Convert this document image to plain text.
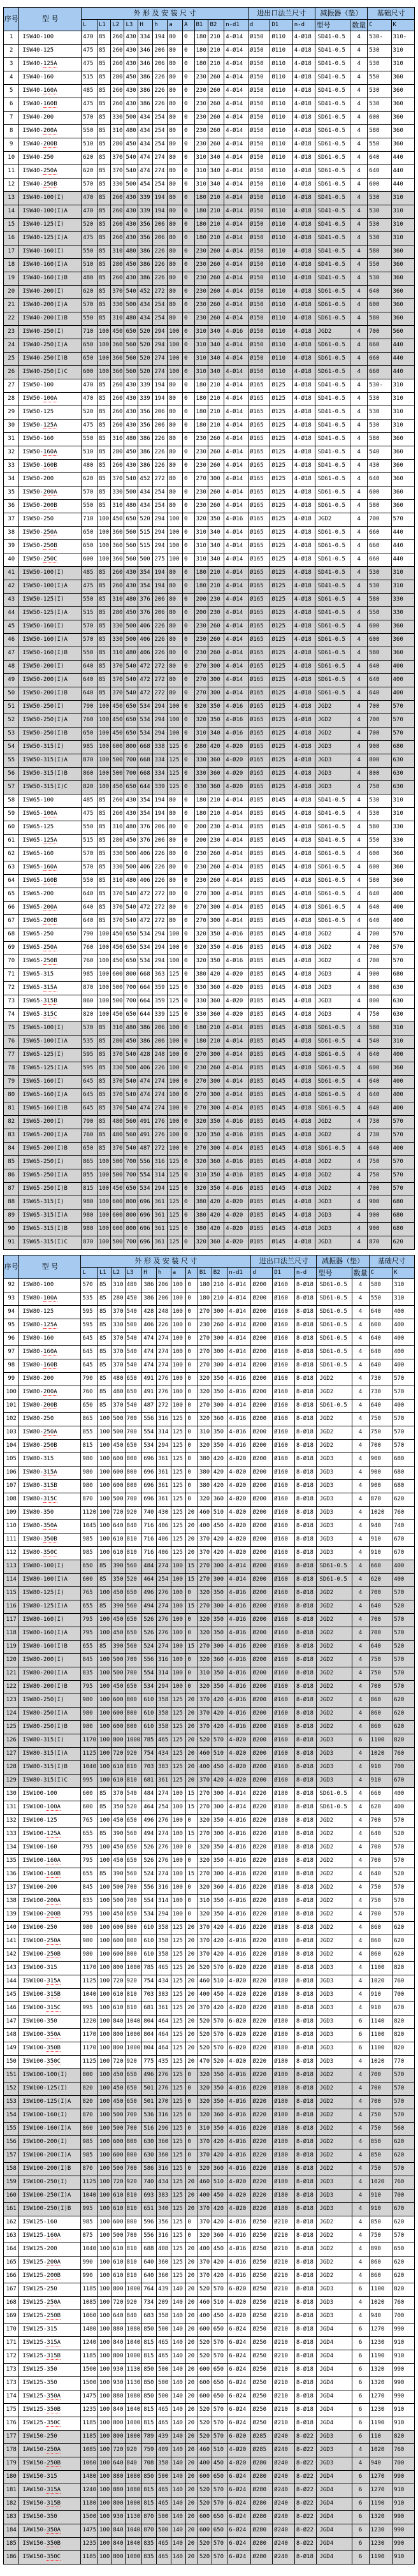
序号	型 号	外 形 及 安 装 尺 寸											进出口法兰尺寸			减振器（垫）		基础尺寸	
		L	L1	L2	L3	H	h	a	A	B1	B2	n-d1	d	D1	n-d	型号	数量	C	K
1	ISW40-100	470	85	260	430	334	194	80	0	180	210	4-Ø14	Ø150	Ø110	4-Ø18	SD41-0.5	4	530-	310-
2	ISW40-125	475	85	260	430	346	206	80	0	180	210	4-Ø14	Ø150	Ø110	4-Ø18	SD41-0.5	4	530	310
3	ISW40-125A	475	85	260	430	346	206	80	0	180	210	4-Ø14	Ø150	Ø110	4-Ø18	SD41-0.5	4	530	310
4	ISW40-160	515	85	280	450	386	226	80	0	230	260	4-Ø14	Ø150	Ø110	4-Ø18	SD41-0.5	4	550	360
5	ISW40-160A	485	85	260	430	386	226	80	0	230	260	4-Ø14	Ø150	Ø110	4-Ø18	SD41-0.5	4	530	360
6	ISW40-160B	475	85	260	430	386	226	80	0	230	260	4-Ø14	Ø150	Ø110	4-Ø18	SD41-0.5	4	530	360
7	ISW40-200	570	85	330	500	434	254	80	0	230	260	4-Ø14	Ø150	Ø110	4-Ø18	SD61-0.5	4	600	360
8	ISW40-200A	550	85	310	480	434	254	80	0	230	260	4-Ø14	Ø150	Ø110	4-Ø18	SD61-0.5	4	580	360
9	ISW40-200B	510	85	280	450	434	254	80	0	230	260	4-Ø14	Ø150	Ø110	4-Ø18	SD61-0.5	4	550	360
10	ISW40-250	620	85	370	540	474	274	80	0	310	340	4-Ø14	Ø150	Ø110	4-Ø18	SD61-0.5	4	640	440
11	ISW40-250A	620	85	370	540	474	274	80	0	310	340	4-Ø14	Ø150	Ø110	4-Ø18	SD61-0.5	4	640	440
12	ISW40-250B	570	85	330	500	454	254	80	0	310	340	4-Ø14	Ø150	Ø110	4-Ø18	SD61-0.5	4	600	440
13	ISW40-100(I)	470	85	260	430	339	194	80	0	180	210	4-Ø14	Ø150	Ø110	4-Ø18	SD41-0.5	4	530	310
14	ISW40-100(I)A	470	85	260	430	339	194	80	0	180	210	4-Ø14	Ø150	Ø110	4-Ø18	SD41-0.5	4	530	310
15	ISW40-125(I)	520	85	260	430	356	206	80	0	180	210	4-Ø14	Ø150	Ø110	4-Ø18	SD41-0.5	4	530	310
16	ISW40-125(I)A	475	85	260	430	356	206	80	0	180	210	4-Ø14	Ø150	Ø110	4-Ø18	SD41-0.5	4	530	310
17	ISW40-160(I)	550	85	310	480	386	226	80	0	230	260	4-Ø14	Ø150	Ø110	4-Ø18	SD41-0.5	4	580	360
18	ISW40-160(I)A	510	85	280	450	386	226	80	0	230	260	4-Ø14	Ø150	Ø110	4-Ø18	SD41-0.5	4	550	360
19	ISW40-160(I)B	480	85	260	430	386	226	80	0	230	260	4-Ø14	Ø150	Ø110	4-Ø18	SD41-0.5	4	530	360
20	ISW40-200(I)	620	85	370	540	452	272	80	0	230	260	4-Ø14	Ø150	Ø110	4-Ø18	SD61-0.5	4	640	360
21	ISW40-200(I)A	570	85	330	500	434	254	80	0	230	260	4-Ø14	Ø150	Ø110	4-Ø18	SD61-0.5	4	600	360
22	ISW40-200(I)B	550	85	310	480	434	254	80	0	230	260	4-Ø14	Ø150	Ø110	4-Ø18	SD61-0.5	4	580	360
23	ISW40-250(I)	710	100	450	650	520	294	100	0	310	340	4-Ø16	Ø150	Ø110	4-Ø18	JGD2	4	700	560
24	ISW40-250(I)A	650	100	360	560	520	294	100	0	310	340	4-Ø14	Ø150	Ø110	4-Ø18	SD61-0.5	4	660	440
25	ISW40-250(I)B	650	100	360	560	520	274	100	0	310	340	4-Ø14	Ø150	Ø110	4-Ø18	SD61-0.5	4	660	440
26	ISW40-250(I)C	600	100	360	560	520	274	100	0	310	340	4-Ø14	Ø150	Ø110	4-Ø18	SD61-0.5	4	660	440
27	ISW50-100	470	85	260	430	339	194	80	0	180	210	4-Ø14	Ø165	Ø125	4-Ø18	SD41-0.5	4	530-	310
28	ISW50-100A	470	85	260	430	339	194	80	0	180	210	4-Ø14	Ø165	Ø125	4-Ø18	SD41-0.5	4	530	310
29	ISW50-125	520	85	260	430	356	206	80	0	180	210	4-Ø14	Ø165	Ø125	4-Ø18	SD41-0.5	4	530	310
30	ISW50-125A	475	85	260	430	356	206	80	0	180	210	4-Ø14	Ø165	Ø125	4-Ø18	SD41-0.5	4	530	310
31	ISW50-160	550	85	310	480	386	226	80	0	230	260	4-Ø14	Ø165	Ø125	4-Ø18	SD41-0.5	4	580	360
32	ISW50-160A	510	85	280	450	386	226	80	0	230	260	4-Ø14	Ø165	Ø125	4-Ø18	SD41-0.5	4	540	360
33	ISW50-160B	480	85	260	430	386	226	80	0	230	260	4-Ø14	Ø165	Ø125	4-Ø18	SD41-0.5	4	430	360
34	ISW50-200	620	85	370	540	452	272	80	0	270	300	4-Ø14	Ø165	Ø125	4-Ø18	SD61-0.5	4	640	360
35	ISW50-200A	570	85	330	500	434	254	80	0	230	260	4-Ø14	Ø165	Ø125	4-Ø18	SD61-0.5	4	600	360
36	ISW50-200B	550	85	310	480	434	254	80	0	230	260	4-Ø14	Ø165	Ø125	4-Ø18	SD61-0.5	4	580	360
37	ISW50-250	710	100	450	650	520	294	100	0	320	350	4-Ø16	Ø165	Ø125	4-Ø18	JGD2	4	700	570
38	ISW50-250A	650	100	360	560	515	294	100	0	310	340	4-Ø14	Ø165	Ø125	4-Ø18	SD61-0.5	4	660	440
39	ISW50-250B	650	100	360	560	515	294	100	0	310	340	4-Ø14	Ø165	Ø125	4-Ø18	SD61-0.5	4	660	440
40	ISW50-250C	600	100	360	560	500	275	100	0	310	340	4-Ø14	Ø165	Ø125	4-Ø18	SD61-0.5	4	660	440
41	ISW50-100(I)	485	85	260	430	354	194	80	0	180	210	4-Ø14	Ø165	Ø125	4-Ø18	SD41-0.5	4	530	310
42	ISW50-100(I)A	475	85	260	430	354	194	80	0	180	210	4-Ø14	Ø165	Ø125	4-Ø18	SD41-0.5	4	530	310
43	ISW50-125(I)	550	85	310	480	376	206	80	0	200	230	4-Ø14	Ø165	Ø125	4-Ø18	SD61-0.5	4	580	330
44	ISW50-125(I)A	515	85	280	450	376	206	80	0	200	230	4-Ø14	Ø165	Ø125	4-Ø18	SD41-0.5	4	550	330
45	ISW50-160(I)	570	85	330	500	406	226	80	0	230	260	4-Ø14	Ø165	Ø125	4-Ø18	SD61-0.5	4	600	360
46	ISW50-160(I)A	570	85	330	500	406	226	80	0	230	260	4-Ø14	Ø165	Ø125	4-Ø18	SD61-0.5	4	600	360
47	ISW50-160(I)B	550	85	310	480	406	226	80	0	230	260	4-Ø14	Ø165	Ø125	4-Ø18	SD61-0.5	4	580	360
48	ISW50-200(I)	640	85	370	540	472	272	80	0	270	300	4-Ø14	Ø165	Ø125	4-Ø18	SD61-0.5	4	640	400
49	ISW50-200(I)A	640	85	370	540	472	272	80	0	270	300	4-Ø14	Ø165	Ø125	4-Ø18	SD61-0.5	4	640	400
50	ISW50-200(I)B	640	85	370	540	472	272	80	0	270	300	4-Ø14	Ø165	Ø125	4-Ø18	SD61-0.5	4	640	400
51	ISW50-250(I)	790	100	450	650	534	294	100	0	320	350	4-Ø16	Ø165	Ø125	4-Ø18	JGD2	4	700	570
52	ISW50-250(I)A	760	100	450	650	534	294	100	0	320	350	4-Ø16	Ø165	Ø125	4-Ø18	JGD2	4	700	570
53	ISW50-250(I)B	650	100	450	650	534	294	100	0	310	340	4-Ø16	Ø165	Ø125	4-Ø18	JGD2	4	700	570
54	ISW50-315(I)	985	100	600	800	668	338	125	0	280	420	4-Ø20	Ø165	Ø125	4-Ø18	JGD3	4	900	680
55	ISW50-315(I)A	870	100	500	700	668	334	125	0	330	360	4-Ø20	Ø165	Ø125	4-Ø18	JGD3	4	800	630
56	ISW50-315(I)B	860	100	500	700	668	334	125	0	330	360	4-Ø20	Ø165	Ø125	4-Ø18	JGD3	4	800	630
57	ISW50-315(I)C	820	100	450	650	644	339	125	0	330	360	4-Ø20	Ø165	Ø125	4-Ø18	JGD3	4	750	630
58	ISW65-100	485	85	260	430	354	194	80	0	180	210	4-Ø14	Ø185	Ø145	4-Ø18	SD41-0.5	4	530	310
59	ISW65-100A	475	85	260	430	354	194	80	0	180	210	4-Ø14	Ø185	Ø145	4-Ø18	SD41-0.5	4	530	310
60	ISW65-125	550	85	310	480	376	206	80	0	200	230	4-Ø14	Ø185	Ø145	4-Ø18	SD61-0.5	4	580	330
61	ISW65-125A	515	85	280	450	376	206	80	0	200	230	4-Ø14	Ø185	Ø145	4-Ø18	SD41-0.5	4	550	330
62	ISW65-160	570	85	330	500	406	226	80	0	230	260	4-Ø14	Ø185	Ø145	4-Ø18	SD61-0.5	4	600	360
63	ISW65-160A	570	85	330	500	406	226	80	0	230	260	4-Ø14	Ø185	Ø145	4-Ø18	SD61-0.5	4	600	360
64	ISW65-160B	550	85	310	480	406	226	80	0	230	260	4-Ø14	Ø185	Ø145	4-Ø18	SD61-0.5	4	580	360
65	ISW65-200	640	85	370	540	472	272	80	0	270	300	4-Ø14	Ø185	Ø145	4-Ø18	SD61-0.5	4	640	400
66	ISW65-200A	640	85	370	540	472	272	80	0	270	300	4-Ø14	Ø185	Ø145	4-Ø18	SD61-0.5	4	640	400
67	ISW65-200B	640	85	370	540	472	272	80	0	270	300	4-Ø14	Ø185	Ø145	4-Ø18	SD61-0.5	4	640	400
68	ISW65-250	790	100	450	650	534	294	100	0	320	350	4-Ø16	Ø185	Ø145	4-Ø18	JGD2	4	700	570
69	ISW65-250A	760	100	450	650	534	294	100	0	320	350	4-Ø16	Ø185	Ø145	4-Ø18	JGD2	4	700	570
70	ISW65-250B	760	100	450	650	534	294	100	0	320	350	4-Ø16	Ø185	Ø145	4-Ø18	JGD2	4	700	570
71	ISW65-315	985	100	600	800	668	363	125	0	380	420	4-Ø20	Ø185	Ø145	4-Ø18	JGD3	4	900	680
72	ISW65-315A	870	100	500	700	664	359	125	0	330	360	4-Ø20	Ø185	Ø145	4-Ø18	JGD3	4	800	630
73	ISW65-315B	860	100	500	700	664	359	125	0	330	360	4-Ø20	Ø185	Ø145	4-Ø18	JGD3	4	800	630
74	ISW65-315C	820	100	450	650	644	339	125	0	330	360	4-Ø20	Ø185	Ø145	4-Ø18	JGD3	4	750	630
75	ISW65-100(I)	570	85	310	480	386	206	100	0	180	210	4-Ø14	Ø185	Ø145	4-Ø18	SD61-0.5	4	580	310
76	ISW65-100(I)A	535	85	280	450	386	206	100	0	180	210	4-Ø14	Ø185	Ø145	4-Ø18	SD61-0.5	4	540	310
77	ISW65-125(I)	595	85	370	540	428	248	100	0	270	300	4-Ø14	Ø185	Ø145	4-Ø18	SD61-0.5	4	640	400
78	ISW65-125(I)A	595	85	330	500	406	226	100	0	230	260	4-Ø14	Ø185	Ø145	4-Ø18	SD61-0.5	4	600	360
79	ISW65-160(I)	645	85	370	540	474	274	100	0	270	300	4-Ø14	Ø185	Ø145	4-Ø18	SD61-0.5	4	640	400
80	ISW65-160(I)A	645	85	370	540	474	274	100	0	270	300	4-Ø14	Ø185	Ø145	4-Ø18	SD61-0.5	4	640	400
81	ISW65-160(I)B	645	85	370	540	474	274	100	0	270	300	4-Ø14	Ø185	Ø145	4-Ø18	SD61-0.5	4	640	400
82	ISW65-200(I)	790	85	480	560	491	276	100	0	320	350	4-Ø16	Ø185	Ø145	4-Ø18	JGD2	4	730	570
83	ISW65-200(I)A	760	85	480	560	491	276	100	0	320	350	4-Ø16	Ø185	Ø145	4-Ø18	JGD2	4	730	570
84	ISW65-200(I)B	650	85	370	540	487	272	100	0	270	300	4-Ø14	Ø185	Ø145	4-Ø18	SD61-0.5	4	640	400
85	ISW65-250(I)	865	100	500	700	556	316	125	0	320	360	4-Ø16	Ø185	Ø145	4-Ø18	JGD2	4	750	570
86	ISW65-250(I)A	855	100	500	700	554	314	125	0	310	350	4-Ø16	Ø185	Ø145	4-Ø18	JGD2	4	750	570
87	ISW65-250(I)B	815	100	450	650	534	294	125	0	320	350	4-Ø16	Ø185	Ø145	4-Ø18	JGD2	4	700	570
88	ISW65-315(I)	980	100	600	800	696	361	125	0	380	420	4-Ø20	Ø185	Ø145	4-Ø18	JGD3	4	900	680
89	ISW65-315(I)A	980	100	600	800	696	361	125	0	380	420	4-Ø20	Ø185	Ø145	4-Ø18	JGD3	4	900	680
90	ISW65-315(I)B	980	100	600	800	696	361	125	0	380	420	4-Ø20	Ø185	Ø145	4-Ø18	JGD3	4	900	680
91	ISW65-315(I)C	870	100	500	700	696	361	125	0	320	360	4-Ø20	Ø185	Ø145	4-Ø18	JGD3	4	870	620
序号	型 号	外 形 及 安 装 尺 寸											进出口法兰尺寸			减振器（垫）		基础尺寸	
		L	L1	L2	L3	H	h	a	A	B1	B2	n-d1	d	D1	n-d	型号	数量	C	K
92	ISW80-100	570	85	310	480	386	206	100	0	180	210	4-Ø14	Ø200	Ø160	8-Ø18	SD61-0.5	4	580	310
93	ISW80-100A	535	85	280	450	386	206	100	0	180	210	4-Ø14	Ø200	Ø160	8-Ø18	SD61-0.5	4	550	310
94	ISW80-125	595	85	370	540	428	248	100	0	270	300	4-Ø14	Ø200	Ø160	8-Ø18	SD61-0.5	4	640	400
95	ISW80-125A	595	85	330	500	406	226	100	0	230	260	4-Ø14	Ø200	Ø160	8-Ø18	SD61-0.5	4	600	400
96	ISW80-160	645	85	370	540	474	274	100	0	270	300	4-Ø14	Ø200	Ø160	8-Ø18	SD61-0.5	4	640	400
97	ISW80-160A	645	85	370	540	474	274	100	0	270	300	4-Ø14	Ø200	Ø160	8-Ø18	SD61-0.5	4	640	400
98	ISW80-160B	645	85	370	540	474	274	100	0	270	300	4-Ø14	Ø200	Ø160	8-Ø18	SD61-0.5	4	640	400
99	ISW80-200	790	85	480	650	491	276	100	0	320	350	4-Ø16	Ø200	Ø160	8-Ø18	JGD2	4	730	570
100	ISW80-200A	760	85	480	650	491	276	100	0	320	350	4-Ø16	Ø200	Ø160	8-Ø18	JGD2	4	730	570
101	ISW80-200B	650	85	370	540	487	272	100	0	270	300	4-Ø14	Ø200	Ø160	8-Ø18	SD61-0.5	4	640	400
102	ISW80-250	865	100	500	700	556	316	125	0	320	360	4-Ø16	Ø200	Ø160	8-Ø18	JGD2	4	750	570
103	ISW80-250A	855	100	500	700	554	314	125	0	310	350	4-Ø16	Ø200	Ø160	8-Ø18	JGD2	4	750	570
104	ISW80-250B	815	100	450	650	534	294	125	0	320	350	4-Ø16	Ø200	Ø160	8-Ø18	JGD2	4	700	570
105	ISW80-315	980	100	600	800	696	361	125	0	380	420	4-Ø20	Ø200	Ø160	8-Ø18	JGD3	4	900	680
106	ISW80-315A	980	100	600	800	696	361	125	0	380	420	4-Ø20	Ø200	Ø160	8-Ø18	JGD3	4	900	680
107	ISW80-315B	980	100	600	800	696	361	125	0	380	420	4-Ø20	Ø200	Ø160	8-Ø18	JGD3	4	900	680
108	ISW80-315C	870	100	500	700	696	361	125	0	320	360	4-Ø20	Ø200	Ø160	8-Ø18	JGD3	4	870	620
109	ISW80-350	1120	100	720	920	740	430	125	20	460	510	4-Ø20	Ø200	Ø160	8-Ø18	JGD3	4	1020	760
110	ISW80-350A	1045	100	640	840	716	406	125	20	400	450	4-Ø20	Ø200	Ø160	8-Ø18	JGD3	4	940	740
111	ISW80-350B	985	100	610	810	716	406	125	20	370	420	4-Ø20	Ø200	Ø160	8-Ø18	JGD3	4	910	670
112	ISW80-350C	985	100	610	810	716	406	125	20	370	420	4-Ø20	Ø200	Ø160	8-Ø18	JGD3	4	910	670
113	ISW80-100(I)	650	85	390	560	484	274	100	15	270	300	4-Ø14	Ø200	Ø160	8-Ø18	SD61-0.5	4	660	400
114	ISW80-100(I)A	600	85	350	520	464	254	100	15	270	300	4-Ø14	Ø200	Ø160	8-Ø18	SD61-0.5	4	620	400
115	ISW80-125(I)	765	100	450	650	496	276	100	0	320	350	4-Ø16	Ø200	Ø160	8-Ø18	JGD2	4	700	570
116	ISW80-125(I)A	655	85	390	560	494	274	100	15	270	300	4-Ø16	Ø200	Ø160	8-Ø18	JGD2	4	640	520
117	ISW80-160(I)	795	100	450	650	526	276	100	0	320	350	4-Ø16	Ø200	Ø160	8-Ø18	JGD2	4	700	570
118	ISW80-160(I)A	795	100	450	650	526	276	100	0	320	350	4-Ø16	Ø200	Ø160	8-Ø18	JGD2	4	700	570
119	ISW80-160(I)B	655	85	390	560	524	274	100	15	270	300	4-Ø16	Ø200	Ø160	8-Ø18	JGD2	4	640	520
120	ISW80-200(I)	845	100	500	700	556	316	100	0	320	360	4-Ø16	Ø200	Ø160	8-Ø18	JGD2	4	750	570
121	ISW80-200(I)A	835	100	500	700	554	314	100	0	310	350	4-Ø16	Ø200	Ø160	8-Ø18	JGD2	4	750	570
122	ISW80-200(I)B	795	100	450	650	534	294	100	0	320	350	4-Ø16	Ø200	Ø160	8-Ø18	JGD2	4	700	570
123	ISW80-250(I)	980	100	600	800	610	358	125	20	370	420	4-Ø16	Ø200	Ø160	8-Ø18	JGD2	4	860	620
124	ISW80-250(I)A	980	100	600	800	610	358	125	20	370	420	4-Ø16	Ø200	Ø160	8-Ø18	JGD2	4	860	620
125	ISW80-250(I)B	980	100	600	800	610	358	125	20	370	420	4-Ø16	Ø200	Ø160	8-Ø18	JGD2	4	860	620
126	ISW80-315(I)	1170	100	800	1000	785	465	125	20	520	570	4-Ø20	Ø200	Ø160	8-Ø18	JGD3	6	1100	820
127	ISW80-315(I)A	1125	100	720	920	754	434	125	20	460	510	4-Ø20	Ø200	Ø160	8-Ø18	JGD3	4	1020	760
128	ISW80-315(I)B	1040	100	610	810	703	383	125	20	400	450	4-Ø20	Ø200	Ø160	8-Ø18	JGD3	4	910	700
129	ISW80-315(I)C	995	100	610	810	681	361	125	20	370	420	4-Ø20	Ø200	Ø160	8-Ø18	JGD3	4	910	670
130	ISW100-100	600	85	370	540	484	274	100	15	270	300	4-Ø14	Ø220	Ø180	8-Ø18	SD61-0.5	4	660	400
131	ISW100-100A	600	85	350	520	464	254	100	15	270	300	4-Ø14	Ø220	Ø180	8-Ø18	SD61-0.5	4	620	400
132	ISW100-125	765	100	450	650	496	276	100	0	320	350	4-Ø16	Ø220	Ø180	8-Ø18	JGD2	4	700	570
133	ISW100-125A	655	85	390	560	494	274	100	15	270	300	4-Ø16	Ø220	Ø180	8-Ø18	JGD2	4	640	520
134	ISW100-160	795	100	450	650	526	276	100	0	320	350	4-Ø16	Ø220	Ø180	8-Ø18	JGD2	4	700	570
135	ISW100-160A	795	100	450	650	526	276	100	0	320	350	4-Ø16	Ø220	Ø180	8-Ø18	JGD2	4	700	570
136	ISW100-160B	655	85	390	560	524	274	100	15	270	300	4-Ø16	Ø220	Ø180	8-Ø18	JGD2	4	640	520
137	ISW100-200	845	100	500	700	556	316	100	0	320	360	4-Ø16	Ø220	Ø180	8-Ø18	JGD2	4	750	570
138	ISW100-200A	835	100	500	700	554	314	100	0	310	350	4-Ø16	Ø220	Ø180	8-Ø18	JGD2	4	750	570
139	ISW100-200B	795	100	450	650	534	294	100	0	320	350	4-Ø16	Ø220	Ø180	8-Ø18	JGD2	4	700	570
140	ISW100-250	980	100	600	800	610	358	125	20	370	420	4-Ø16	Ø220	Ø180	8-Ø18	JGD2	4	860	620
141	ISW100-250A	980	100	600	800	610	358	125	20	370	420	4-Ø16	Ø220	Ø180	8-Ø18	JGD2	4	860	620
142	ISW100-250B	980	100	600	800	610	358	125	20	370	420	4-Ø16	Ø220	Ø180	8-Ø18	JGD2	4	860	620
143	ISW100-315	1170	100	800	1000	785	465	125	20	520	570	6-Ø20	Ø220	Ø180	8-Ø18	JGD3	4	1100	820
144	ISW100-315A	1125	100	720	920	754	434	125	20	460	510	4-Ø20	Ø220	Ø180	8-Ø18	JGD3	4	1020	760
145	ISW100-315B	1040	100	610	810	703	383	125	20	400	450	4-Ø20	Ø220	Ø180	8-Ø18	JGD3	4	910	700
146	ISW100-315C	995	100	610	810	681	361	125	20	370	420	4-Ø20	Ø220	Ø180	8-Ø18	JGD3	4	910	670
147	ISW100-350	1220	100	840	1040	804	464	125	20	520	570	6-Ø20	Ø220	Ø180	8-Ø18	JGD3	6	1140	820
148	ISW100-350A	1170	100	800	1000	804	464	125	20	520	570	6-Ø20	Ø220	Ø180	8-Ø18	JGD3	6	1100	820
149	ISW100-350B	1170	100	800	1000	804	464	125	20	520	570	6-Ø20	Ø220	Ø180	8-Ø18	JGD3	6	1100	820
150	ISW100-350C	1125	100	720	920	775	435	125	20	470	520	4-Ø20	Ø220	Ø180	8-Ø18	JGD3	4	1020	770
151	ISW100-100(I)	800	100	450	650	496	276	125	0	320	350	4-Ø16	Ø220	Ø180	8-Ø18	JGD2	4	700	570
152	ISW100-125(I)	820	100	450	650	501	276	125	0	320	350	4-Ø16	Ø220	Ø180	8-Ø18	JGD2	4	700	570
153	ISW100-125(I)A	820	100	450	650	501	270	125	0	320	350	4-Ø16	Ø220	Ø180	8-Ø18	JGD2	4	700	570
154	ISW100-160(I)	870	100	500	700	536	316	125	0	320	360	4-Ø16	Ø220	Ø180	8-Ø18	JGD2	4	750	570
155	ISW100-160(I)A	860	100	500	700	516	296	125	0	310	350	4-Ø16	Ø220	Ø180	8-Ø18	JGD2	4	750	560
156	ISW100-200(I)	985	100	600	800	630	360	125	0	370	420	4-Ø16	Ø220	Ø180	8-Ø18	JGD2	4	850	620
157	ISW100-200(I)A	985	100	600	800	630	360	125	0	370	420	4-Ø16	Ø220	Ø180	8-Ø18	JGD2	4	850	620
158	ISW100-200(I)B	870	100	500	700	586	316	125	0	320	360	4-Ø16	Ø220	Ø180	8-Ø18	JGD2	4	750	570
159	ISW100-250(I)	1125	100	720	920	740	434	125	20	460	510	4-Ø20	Ø220	Ø180	8-Ø18	JGD3	4	1020	760
160	ISW100-250(I)A	1040	100	610	810	693	383	125	20	400	450	4-Ø20	Ø220	Ø180	8-Ø18	JGD3	4	910	700
161	ISW100-250(I)B	995	100	610	810	651	340	125	20	370	420	4-Ø20	Ø220	Ø180	8-Ø18	JGD3	4	910	670
162	ISW125-160	985	100	600	800	596	356	125	0	370	420	4-Ø16	Ø250	Ø210	8-Ø18	JGD2	4	850	620
163	ISW125-160A	875	100	500	700	556	316	125	0	320	360	4-Ø16	Ø250	Ø210	8-Ø18	JGD2	4	750	570
164	ISW125-200	1040	100	610	810	688	408	125	20	400	450	4-Ø16	Ø250	Ø210	8-Ø18	JGD2	4	890	650
165	ISW125-200A	990	100	610	810	640	360	125	20	370	420	4-Ø16	Ø250	Ø210	8-Ø18	JGD2	4	860	620
166	ISW125-200B	990	100	610	810	640	360	125	20	370	420	4-Ø16	Ø250	Ø210	8-Ø18	JGD2	4	860	620
167	ISW125-250	1185	100	800	1000	764	439	140	20	520	570	6-Ø20	Ø250	Ø210	8-Ø18	JGD3	6	1100	820
168	ISW125-250A	1085	100	720	920	734	209	140	20	460	510	4-Ø20	Ø250	Ø210	8-Ø18	JGD3	4	1020	760
169	ISW125-250B	1060	100	640	840	683	358	140	20	400	450	4-Ø20	Ø250	Ø210	8-Ø18	JGD3	4	940	700
170	ISW125-315	1480	100	880	1080	850	500	140	20	600	650	6-Ø24	Ø250	Ø210	8-Ø18	JGD4	6	1270	990
171	ISW125-315A	1240	100	840	1040	815	465	140	20	520	570	6-Ø24	Ø250	Ø210	8-Ø18	JGD4	6	1230	910
172	ISW125-315B	1185	100	800	1000	815	465	140	20	520	570	6-Ø24	Ø250	Ø210	8-Ø18	JGD4	6	1190	910
173	ISW125-350	1500	100	930	1130	850	500	140	20	600	650	6-Ø24	Ø250	Ø210	8-Ø18	JGD4	6	1320	990
173	ISW125-350	1500	100	930	1130	850	500	140	20	600	650	6-Ø24	Ø250	Ø210	8-Ø18	JGD4	6	1320	990
174	ISW125-350A	1475	100	880	1080	850	500	140	20	600	650	6-Ø24	Ø250	Ø210	8-Ø18	JGD4	6	1270	990
175	ISW125-350B	1235	100	840	1040	815	465	140	20	520	570	6-Ø24	Ø250	Ø210	8-Ø18	JGD4	6	1230	910
176	ISW125-350C	1185	100	800	1000	815	465	140	20	520	570	6-Ø24	Ø250	Ø210	8-Ø18	JGD4	6	1190	910
177	ISW150-250	1185	100	800	1000	789	439	140	20	520	570	6-Ø20	Ø285	Ø240	8-Ø22	JGD3	6	110	820
178	IAW150-250A	1085	100	720	920	759	409	140	20	460	510	4-Ø20	Ø285	Ø240	8-Ø22	JGD3	4	1020	760
179	ISW150-250B	1060	100	640	840	708	358	140	20	400	450	4-Ø20	Ø280	Ø240	8-Ø22	JGD3	4	940	700
180	ISW150-315	1480	100	880	1080	850	500	140	20	600	650	6-Ø24	Ø280	Ø240	8-Ø22	JGD4	6	1270	990
181	IAW150-315A	1240	100	880	1080	815	465	140	20	520	570	6-Ø24	Ø280	Ø240	8-Ø22	JGD4	6	1270	910
182	ISW150-315B	1180	100	800	1000	815	465	140	20	520	570	6-Ø24	Ø280	Ø240	8-Ø22	JGD4	6	1190	910
183	ISW150-350	1500	100	930	1130	870	500	140	20	600	650	6-Ø24	Ø280	Ø240	8-Ø22	JGD4	6	1320	990
184	IAW150-350A	1475	100	840	1040	870	500	140	20	600	650	6-Ø24	Ø280	Ø240	8-Ø22	JGD4	6	1230	990
185	ISW150-350B	1235	100	840	1040	835	465	140	20	520	570	6-Ø24	Ø280	Ø240	8-Ø22	JGD4	6	1230	990
186	ISW150-350C	1185	100	800	1000	835	465	140	20	520	570	6-Ø24	Ø280	Ø240	8-Ø18	JGD4	6	1190	910
